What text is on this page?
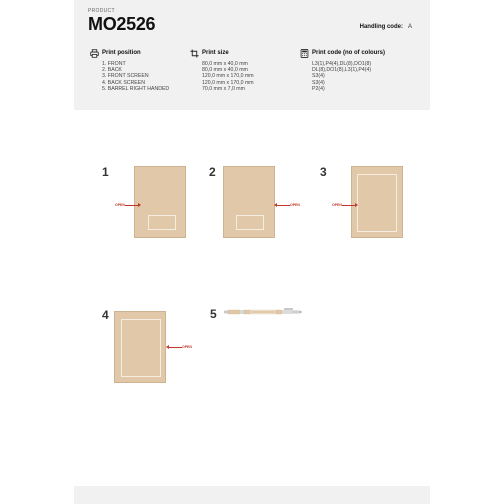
PRODUCT
MO2526	Handling code: A
Print position
1. FRONT
2. BACK
3. FRONT SCREEN
4. BACK SCREEN
5. BARREL RIGHT HANDED
Print size
80,0 mm x 40,0 mm
80,0 mm x 40,0 mm
120,0 mm x 170,0 mm
120,0 mm x 170,0 mm
70,0 mm x 7,0 mm
Print code (no of colours)
L3(1),P4(4),DL(8),DO1(8)
DL(8),DO1(8),L3(1),P4(4)
S3(4)
S3(4)
P2(4)
1
OPEN
2
OPEN
3
OPEN
4
OPEN
5
